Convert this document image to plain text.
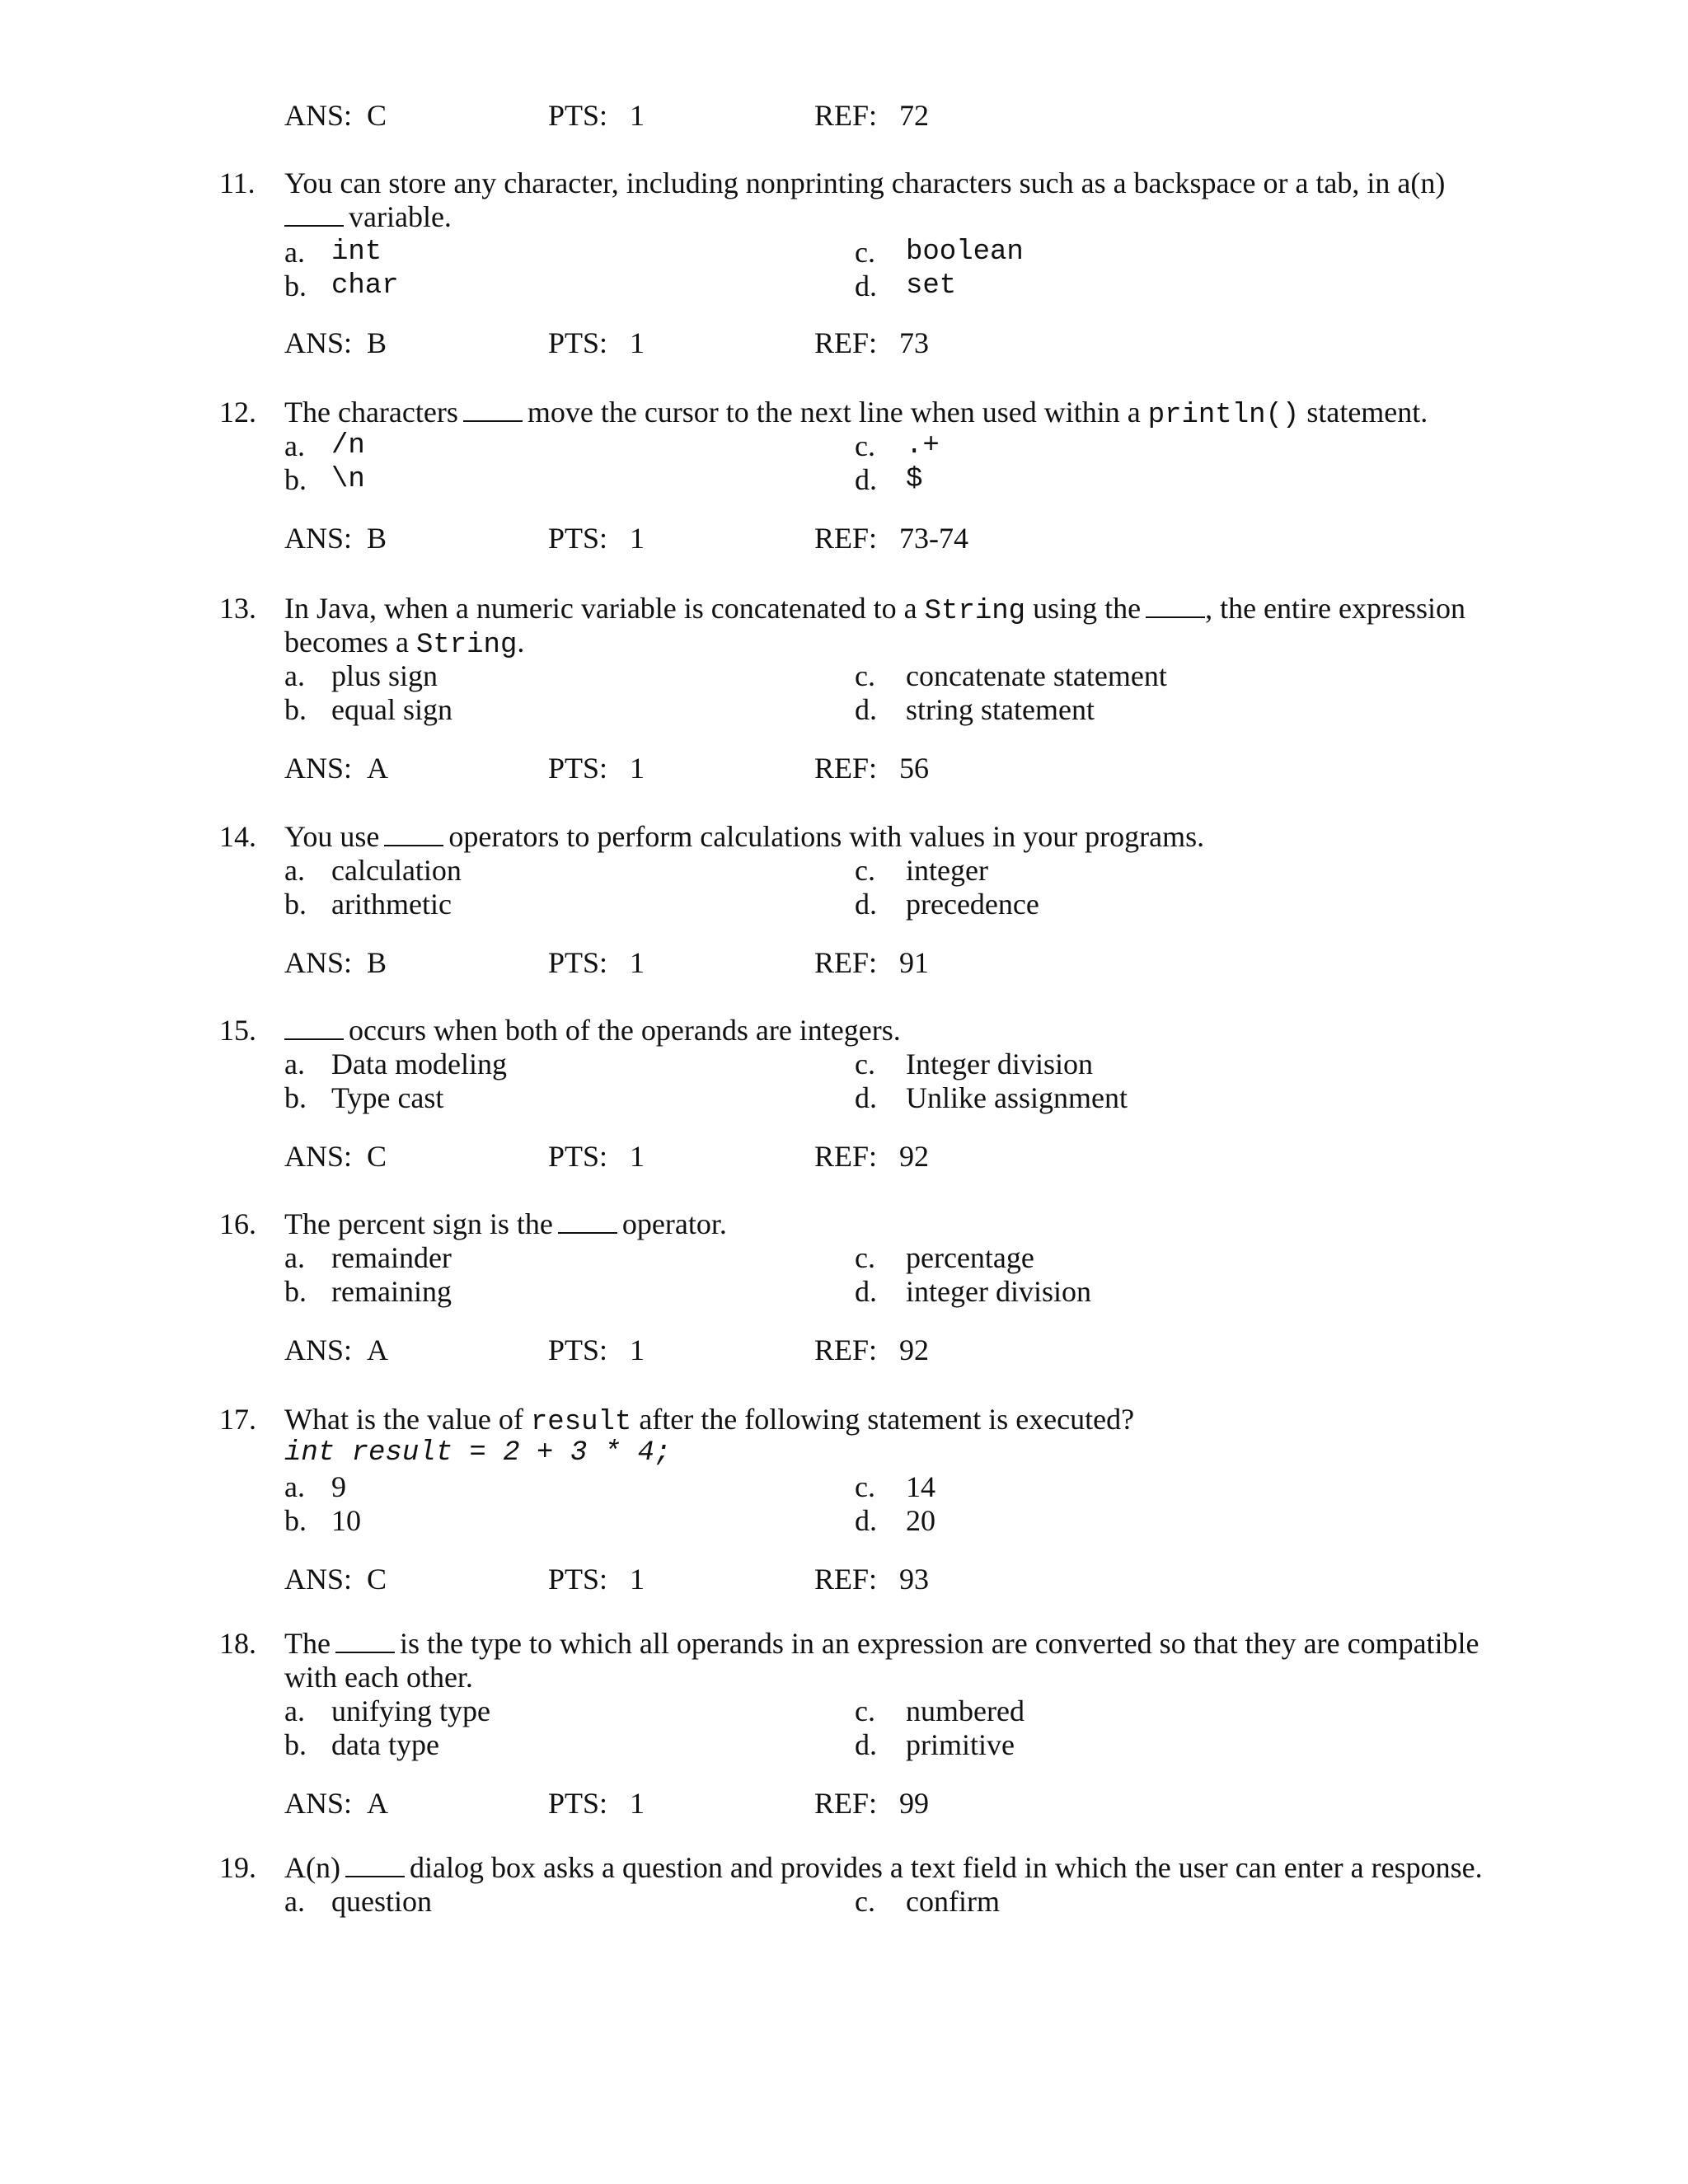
ANS: C	PTS: 1	REF: 72
11. You can store any character, including nonprinting characters such as a backspace or a tab, in a(n)
variable.
a. int
b. char
c. boolean
d. set
ANS: B	PTS: 1	REF: 73
12. The characters move the cursor to the next line when used within a println() statement.
a. /n
b. \n
c. .+
d. $
ANS: B	PTS: 1	REF: 73-74
13. In Java, when a numeric variable is concatenated to a String using the , the entire expression
becomes a String.
a. plus sign
b. equal sign
c. concatenate statement
d. string statement
ANS: A	PTS: 1	REF: 56
14. You use operators to perform calculations with values in your programs.
a. calculation
b. arithmetic
c. integer
d. precedence
ANS: B	PTS: 1	REF: 91
15.	occurs when both of the operands are integers.
a. Data modeling
b. Type cast
c. Integer division
d. Unlike assignment
ANS: C	PTS: 1	REF: 92
16. The percent sign is the operator.
a. remainder
b. remaining
c. percentage
d. integer division
ANS: A	PTS: 1	REF: 92
17. What is the value of result after the following statement is executed?
int result = 2 + 3 * 4;
a. 9
b. 10
c. 14
d. 20
ANS: C	PTS: 1	REF: 93
18. The is the type to which all operands in an expression are converted so that they are compatible
with each other.
a. unifying type
b. data type
c. numbered
d. primitive
ANS: A	PTS: 1	REF: 99
19. A(n) dialog box asks a question and provides a text field in which the user can enter a response.
a. question	c. confirm
